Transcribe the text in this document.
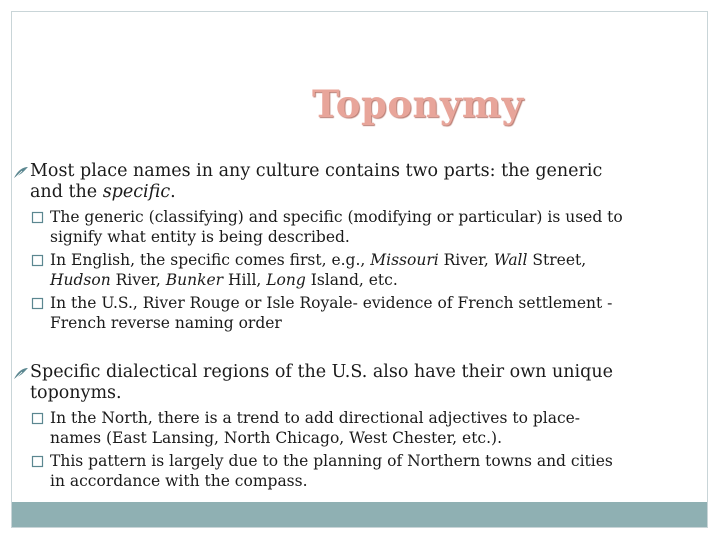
Toponymy
Most place names in any culture contains two parts: the generic and the specific.
The generic (classifying) and specific (modifying or particular) is used to signify what entity is being described.
In English, the specific comes first, e.g., Missouri River, Wall Street, Hudson River, Bunker Hill, Long Island, etc.
In the U.S., River Rouge or Isle Royale- evidence of French settlement - French reverse naming order
Specific dialectical regions of the U.S. also have their own unique toponyms.
In the North, there is a trend to add directional adjectives to place-names (East Lansing, North Chicago, West Chester, etc.).
This pattern is largely due to the planning of Northern towns and cities in accordance with the compass.
